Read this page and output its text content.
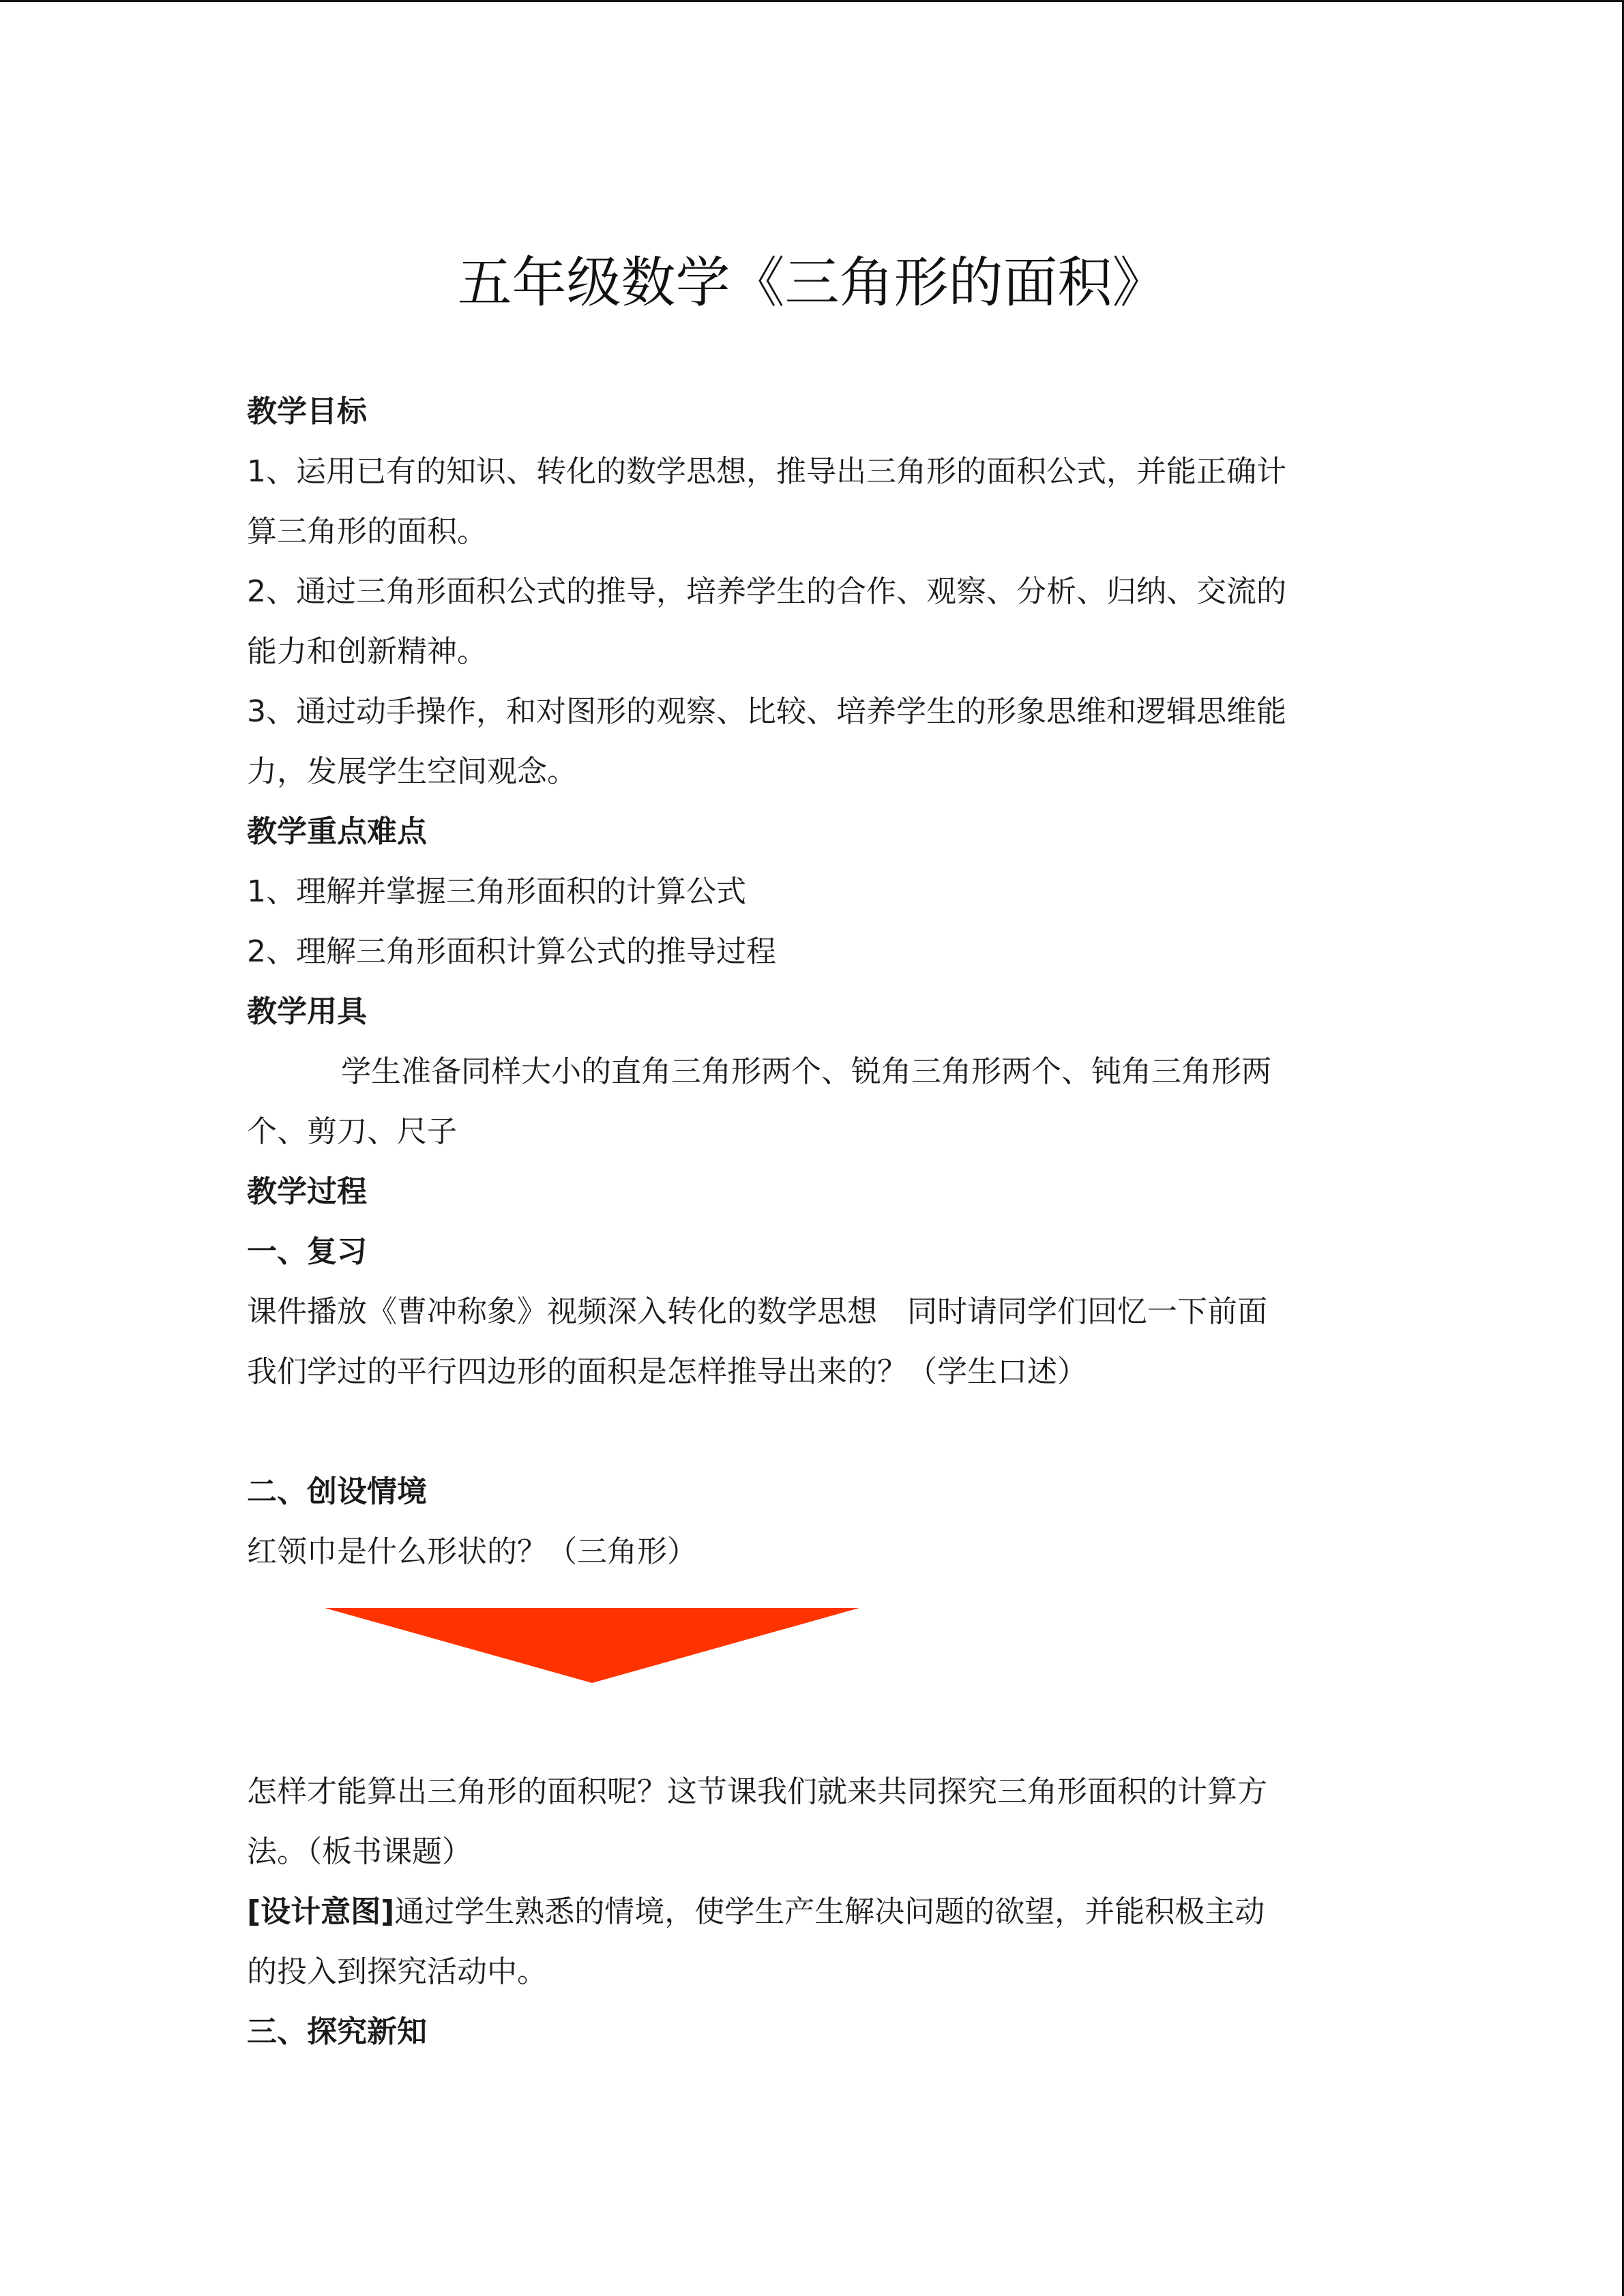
五年级数学《三角形的面积》
教学目标
1、运用已有的知识、转化的数学思想，推导出三角形的面积公式，并能正确计
算三角形的面积。
2、通过三角形面积公式的推导，培养学生的合作、观察、分析、归纳、交流的
能力和创新精神。
3、通过动手操作，和对图形的观察、比较、培养学生的形象思维和逻辑思维能
力，发展学生空间观念。
教学重点难点
1、理解并掌握三角形面积的计算公式
2、理解三角形面积计算公式的推导过程
教学用具
学生准备同样大小的直角三角形两个、锐角三角形两个、钝角三角形两
个、剪刀、尺子
教学过程
一、复习
课件播放《曹冲称象》视频深入转化的数学思想　同时请同学们回忆一下前面
我们学过的平行四边形的面积是怎样推导出来的？（学生口述）
二、创设情境
红领巾是什么形状的？（三角形）
怎样才能算出三角形的面积呢？这节课我们就来共同探究三角形面积的计算方
法。（板书课题）
[设计意图]通过学生熟悉的情境，使学生产生解决问题的欲望，并能积极主动
的投入到探究活动中。
三、探究新知
